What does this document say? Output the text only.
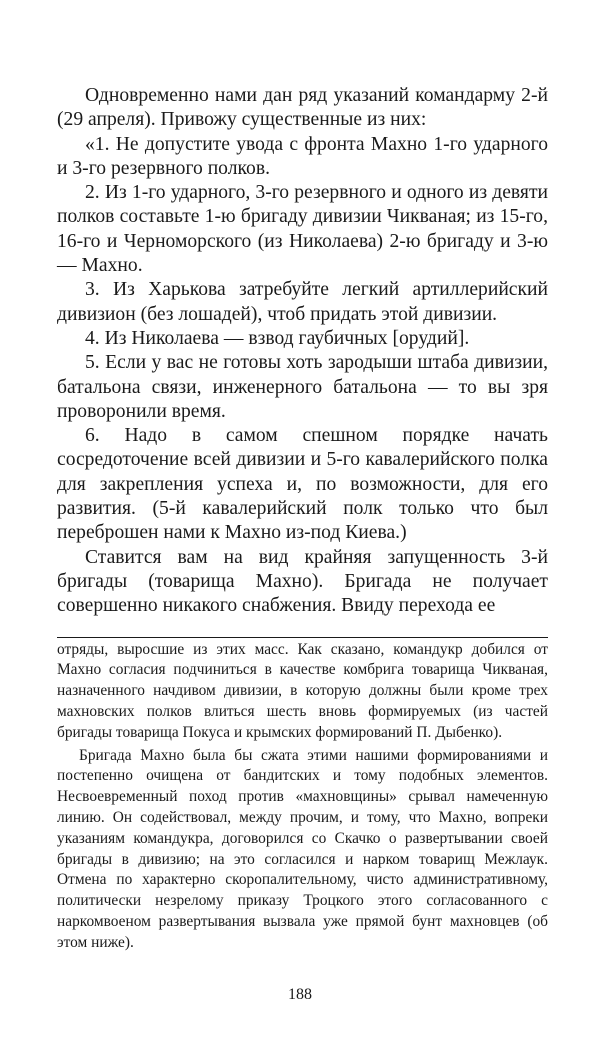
Одновременно нами дан ряд указаний командарму 2-й (29 апреля). Привожу существенные из них:

«1. Не допустите увода с фронта Махно 1-го ударного и 3-го резервного полков.

2. Из 1-го ударного, 3-го резервного и одного из девяти полков составьте 1-ю бригаду дивизии Чикваная; из 15-го, 16-го и Черноморского (из Николаева) 2-ю бригаду и 3-ю — Махно.

3. Из Харькова затребуйте легкий артиллерийский дивизион (без лошадей), чтоб придать этой дивизии.

4. Из Николаева — взвод гаубичных [орудий].

5. Если у вас не готовы хоть зародыши штаба дивизии, батальона связи, инженерного батальона — то вы зря проворонили время.

6. Надо в самом спешном порядке начать сосредоточение всей дивизии и 5-го кавалерийского полка для закрепления успеха и, по возможности, для его развития. (5-й кавалерийский полк только что был переброшен нами к Махно из-под Киева.)

Ставится вам на вид крайняя запущенность 3-й бригады (товарища Махно). Бригада не получает совершенно никакого снабжения. Ввиду перехода ее

отряды, выросшие из этих масс. Как сказано, командукр добился от Махно согласия подчиниться в качестве комбрига товарища Чикваная, назначенного начдивом дивизии, в которую должны были кроме трех махновских полков влиться шесть вновь формируемых (из частей бригады товарища Покуса и крымских формирований П. Дыбенко).

Бригада Махно была бы сжата этими нашими формированиями и постепенно очищена от бандитских и тому подобных элементов. Несвоевременный поход против «махновщины» срывал намеченную линию. Он содействовал, между прочим, и тому, что Махно, вопреки указаниям командукра, договорился со Скачко о развертывании своей бригады в дивизию; на это согласился и нарком товарищ Межлаук. Отмена по характерно скоропалительному, чисто административному, политически незрелому приказу Троцкого этого согласованного с наркомвоеном развертывания вызвала уже прямой бунт махновцев (об этом ниже).

188
